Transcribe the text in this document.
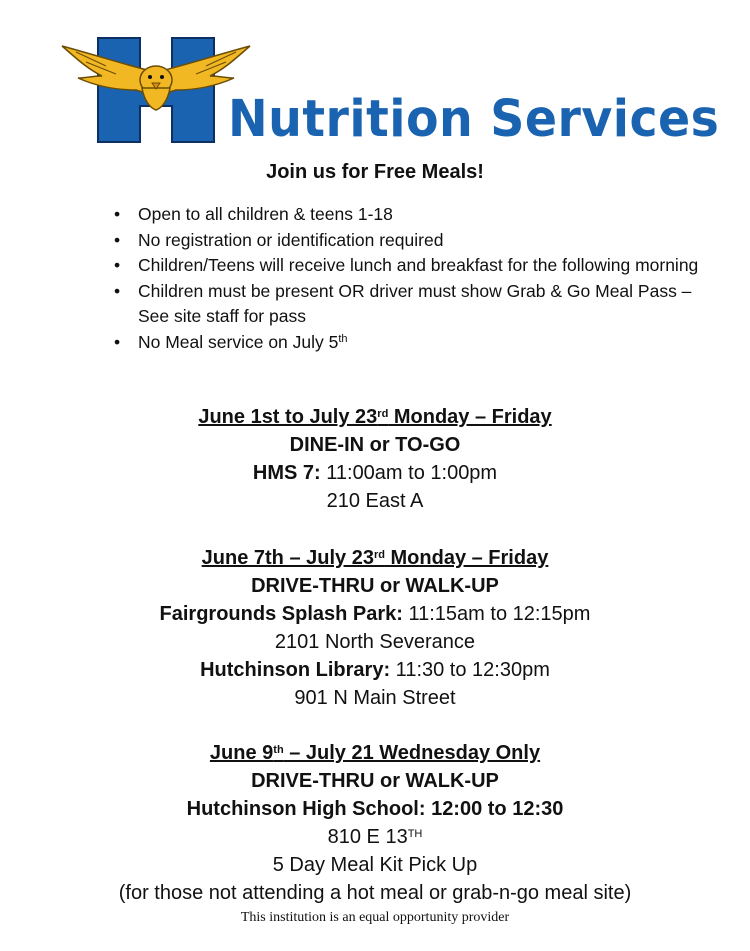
Nutrition Services
Join us for Free Meals!
• Open to all children & teens 1-18
• No registration or identification required
• Children/Teens will receive lunch and breakfast for the following morning
• Children must be present OR driver must show Grab & Go Meal Pass – See site staff for pass
• No Meal service on July 5th
June 1st to July 23rd Monday – Friday
DINE-IN or TO-GO
HMS 7: 11:00am to 1:00pm
210 East A
June 7th – July 23rd Monday – Friday
DRIVE-THRU or WALK-UP
Fairgrounds Splash Park: 11:15am to 12:15pm
2101 North Severance
Hutchinson Library: 11:30 to 12:30pm
901 N Main Street
June 9th – July 21 Wednesday Only
DRIVE-THRU or WALK-UP
Hutchinson High School: 12:00 to 12:30
810 E 13TH
5 Day Meal Kit Pick Up
(for those not attending a hot meal or grab-n-go meal site)
This institution is an equal opportunity provider
